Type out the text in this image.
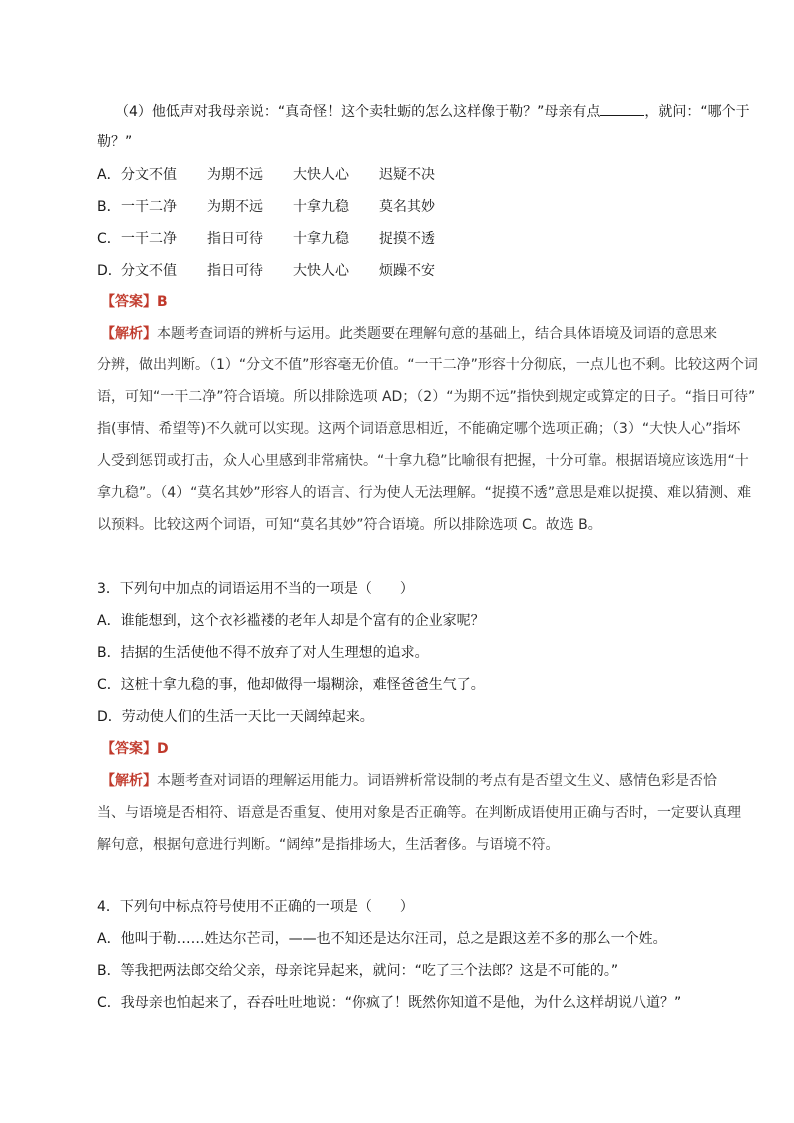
（4）他低声对我母亲说：“真奇怪！这个卖牡蛎的怎么这样像于勒？”母亲有点	，就问：“哪个于
勒？”
A．分文不值 为期不远 大快人心 迟疑不决
B．一干二净 为期不远 十拿九稳 莫名其妙
C．一干二净 指日可待 十拿九稳 捉摸不透
D．分文不值 指日可待 大快人心 烦躁不安
【答案】B
【解析】本题考查词语的辨析与运用。此类题要在理解句意的基础上，结合具体语境及词语的意思来
分辨，做出判断。（1）“分文不值”形容毫无价值。“一干二净”形容十分彻底，一点儿也不剩。比较这两个词
语，可知“一干二净”符合语境。所以排除选项 AD；（2）“为期不远”指快到规定或算定的日子。“指日可待”
指(事情、希望等)不久就可以实现。这两个词语意思相近，不能确定哪个选项正确；（3）“大快人心”指坏
人受到惩罚或打击，众人心里感到非常痛快。“十拿九稳”比喻很有把握，十分可靠。根据语境应该选用“十
拿九稳”。（4）“莫名其妙”形容人的语言、行为使人无法理解。“捉摸不透”意思是难以捉摸、难以猜测、难
以预料。比较这两个词语，可知“莫名其妙”符合语境。所以排除选项 C。故选 B。
3．下列句中加点的词语运用不当的一项是（　　）
A．谁能想到，这个衣衫褴褛的老年人却是个富有的企业家呢？
B．拮据的生活使他不得不放弃了对人生理想的追求。
C．这桩十拿九稳的事，他却做得一塌糊涂，难怪爸爸生气了。
D．劳动使人们的生活一天比一天阔绰起来。
【答案】D
【解析】本题考查对词语的理解运用能力。词语辨析常设制的考点有是否望文生义、感情色彩是否恰
当、与语境是否相符、语意是否重复、使用对象是否正确等。在判断成语使用正确与否时，一定要认真理
解句意，根据句意进行判断。“阔绰”是指排场大，生活奢侈。与语境不符。
4．下列句中标点符号使用不正确的一项是（　　）
A．他叫于勒……姓达尔芒司，——也不知还是达尔汪司，总之是跟这差不多的那么一个姓。
B．等我把两法郎交给父亲，母亲诧异起来，就问：“吃了三个法郎？这是不可能的。”
C．我母亲也怕起来了，吞吞吐吐地说：“你疯了！既然你知道不是他，为什么这样胡说八道？”
